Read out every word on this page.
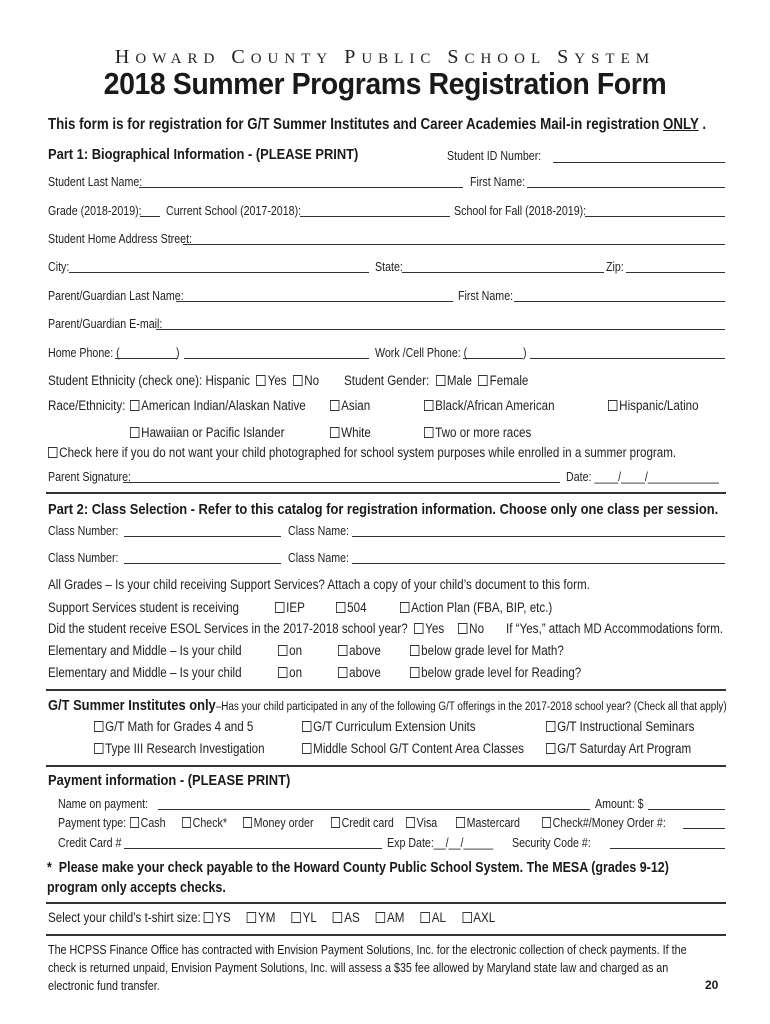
HOWARD COUNTY PUBLIC SCHOOL SYSTEM
2018 Summer Programs Registration Form
This form is for registration for G/T Summer Institutes and Career Academies Mail-in registration ONLY .
Part 1: Biographical Information - (PLEASE PRINT)	Student ID Number:
Student Last Name:	First Name:
Grade (2018-2019): Current School (2017-2018):	School for Fall (2018-2019):
Student Home Address Street:
City:	State:	Zip:
Parent/Guardian Last Name:	First Name:
Parent/Guardian E-mail:
Home Phone: (	)	Work /Cell Phone: (	)
Student Ethnicity (check one): Hispanic Yes No Student Gender: Male Female
Race/Ethnicity:	American Indian/Alaskan Native	Asian	Black/African American	Hispanic/Latino
Hawaiian or Pacific Islander	White	Two or more races
Check here if you do not want your child photographed for school system purposes while enrolled in a summer program.
Parent Signature:	Date: ____/____/____________
Part 2: Class Selection - Refer to this catalog for registration information. Choose only one class per session.
Class Number:	Class Name:
Class Number:	Class Name:
All Grades – Is your child receiving Support Services? Attach a copy of your child’s document to this form.
Support Services student is receiving	IEP	504	Action Plan (FBA, BIP, etc.)
Did the student receive ESOL Services in the 2017-2018 school year?	Yes	No If “Yes,” attach MD Accommodations form.
Elementary and Middle – Is your child	on	above	below grade level for Math?
Elementary and Middle – Is your child	on	above	below grade level for Reading?
G/T Summer Institutes only–Has your child participated in any of the following G/T offerings in the 2017-2018 school year? (Check all that apply)
G/T Math for Grades 4 and 5	G/T Curriculum Extension Units	G/T Instructional Seminars
Type III Research Investigation	Middle School G/T Content Area Classes	G/T Saturday Art Program
Payment information - (PLEASE PRINT)
Name on payment:	Amount: $
Payment type:	Cash	Check*	Money order	Credit card	Visa	Mastercard	Check#/Money Order #:
Credit Card #	Exp Date:__/__/_____ Security Code #:
* Please make your check payable to the Howard County Public School System. The MESA (grades 9-12) program only accepts checks.
Select your child’s t-shirt size: YS YM YL AS AM AL AXL
The HCPSS Finance Office has contracted with Envision Payment Solutions, Inc. for the electronic collection of check payments. If the check is returned unpaid, Envision Payment Solutions, Inc. will assess a $35 fee allowed by Maryland state law and charged as an electronic fund transfer.	20
